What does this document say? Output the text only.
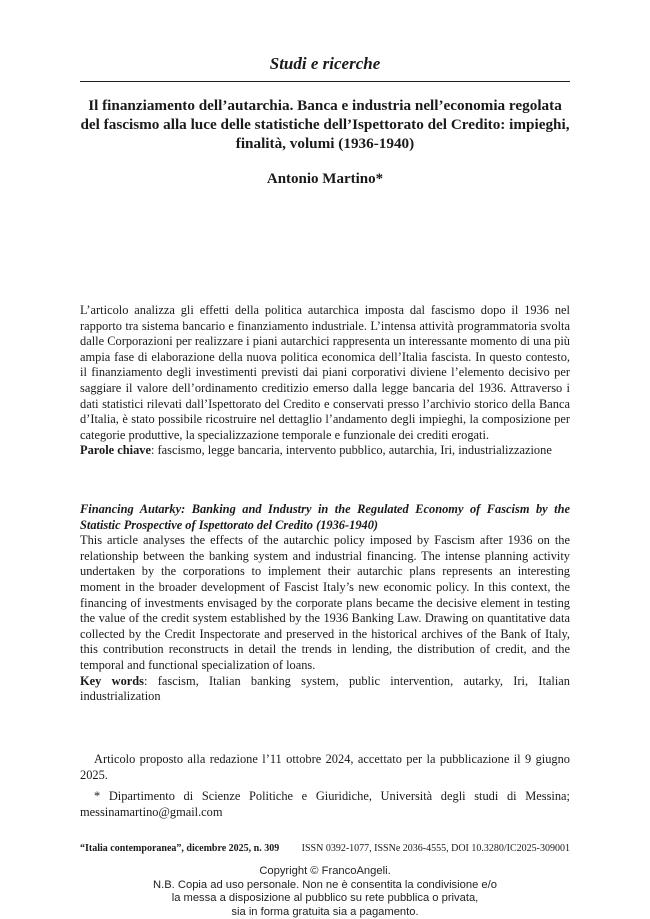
Studi e ricerche
Il finanziamento dell’autarchia. Banca e industria nell’economia regolata del fascismo alla luce delle statistiche dell’Ispettorato del Credito: impieghi, finalità, volumi (1936-1940)
Antonio Martino*

L’articolo analizza gli effetti della politica autarchica imposta dal fascismo dopo il 1936 nel rapporto tra sistema bancario e finanziamento industriale. L’intensa attività programmatoria svolta dalle Corporazioni per realizzare i piani autarchici rappresenta un interessante momento di una più ampia fase di elaborazione della nuova politica economica dell’Italia fascista. In questo contesto, il finanziamento degli investimenti previsti dai piani corporativi diviene l’elemento decisivo per saggiare il valore dell’ordinamento creditizio emerso dalla legge bancaria del 1936. Attraverso i dati statistici rilevati dall’Ispettorato del Credito e conservati presso l’archivio storico della Banca d’Italia, è stato possibile ricostruire nel dettaglio l’andamento degli impieghi, la composizione per categorie produttive, la specializzazione temporale e funzionale dei crediti erogati.

Parole chiave: fascismo, legge bancaria, intervento pubblico, autarchia, Iri, industrializzazione

Financing Autarky: Banking and Industry in the Regulated Economy of Fascism by the Statistic Prospective of Ispettorato del Credito (1936-1940)

This article analyses the effects of the autarchic policy imposed by Fascism after 1936 on the relationship between the banking system and industrial financing. The intense planning activity undertaken by the corporations to implement their autarchic plans represents an interesting moment in the broader development of Fascist Italy’s new economic policy. In this context, the financing of investments envisaged by the corporate plans became the decisive element in testing the value of the credit system established by the 1936 Banking Law. Drawing on quantitative data collected by the Credit Inspectorate and preserved in the historical archives of the Bank of Italy, this contribution reconstructs in detail the trends in lending, the distribution of credit, and the temporal and functional specialization of loans.

Key words: fascism, Italian banking system, public intervention, autarky, Iri, Italian industrialization

Articolo proposto alla redazione l’11 ottobre 2024, accettato per la pubblicazione il 9 giugno 2025.

* Dipartimento di Scienze Politiche e Giuridiche, Università degli studi di Messina; messinamartino@gmail.com

“Italia contemporanea”, dicembre 2025, n. 309 ISSN 0392-1077, ISSNe 2036-4555, DOI 10.3280/IC2025-309001
Copyright © FrancoAngeli.
N.B. Copia ad uso personale. Non ne è consentita la condivisione e/o
la messa a disposizione al pubblico su rete pubblica o privata,
sia in forma gratuita sia a pagamento.
